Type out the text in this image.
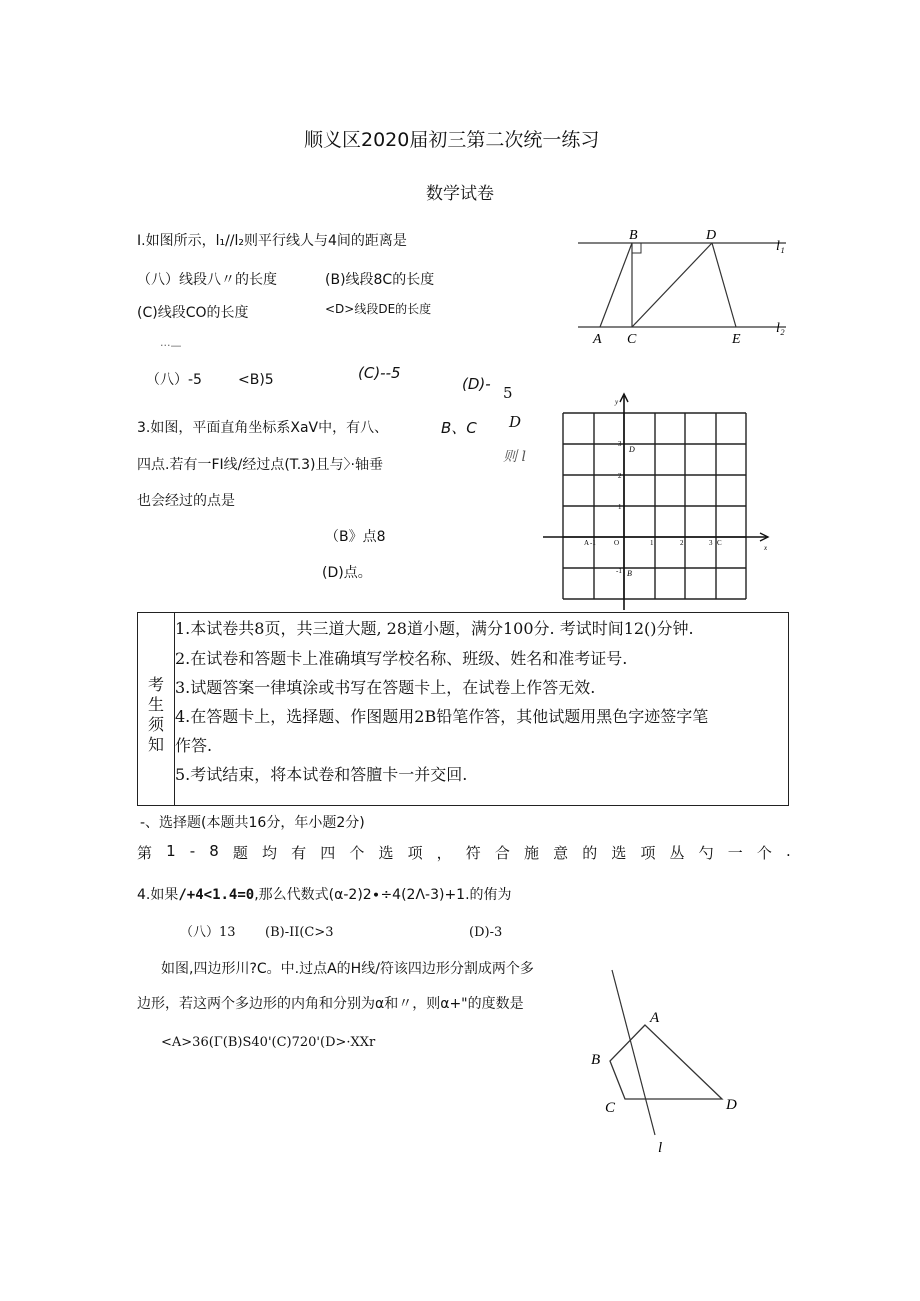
顺义区2020届初三第二次统一练习
数学试卷
I.如图所示，l₁//l₂则平行线人与4间的距离是
（八）线段八〃的长度	(B)线段8C的长度
(C)线段CO的长度	<D>线段DE的长度
B	D
l₁
A C	E
l₂
···—
（八）-5	<B)5	(C)--5
(D)- 5
3.如图，平面直角坐标系XaV中，有八、	B、C D
则 l
四点.若有一FI线/经过点(T.3)且与〉·轴垂
也会经过的点是
（B》点8
(D)点。
y
x
O
A -1	1	2	3 C
3
2
1
-1
D
B
考生须知
1.本试卷共8页，共三道大题, 28道小题，满分100分. 考试时间12()分钟.
2.在试卷和答题卡上准确填写学校名称、班级、姓名和准考证号.
3.试题答案一律填涂或书写在答题卡上，在试卷上作答无效.
4.在答题卡上，选择题、作图题用2B铅笔作答，其他试题用黑色字迹签字笔
作答.
5.考试结束，将本试卷和答膻卡一并交回.
-、选择题(本题共16分，年小题2分)
第 1 - 8 题 均 有 四 个 选 项 ， 符 合 施 意 的 选 项 丛 勺 一 个 .
4.如果/+4<1.4=0,那么代数式(α-2)2∙÷4(2Λ-3)+1.的侑为
（八）13 (B)-II(C>3	(D)-3
如图,四边形川?C。中.过点A的H线/符该四边形分割成两个多
边形，若这两个多边形的内角和分别为α和〃，则α+"的度数是
<A>36(Γ(B)S40'(C)720'(D>·XXr
A
B
C	D
l
